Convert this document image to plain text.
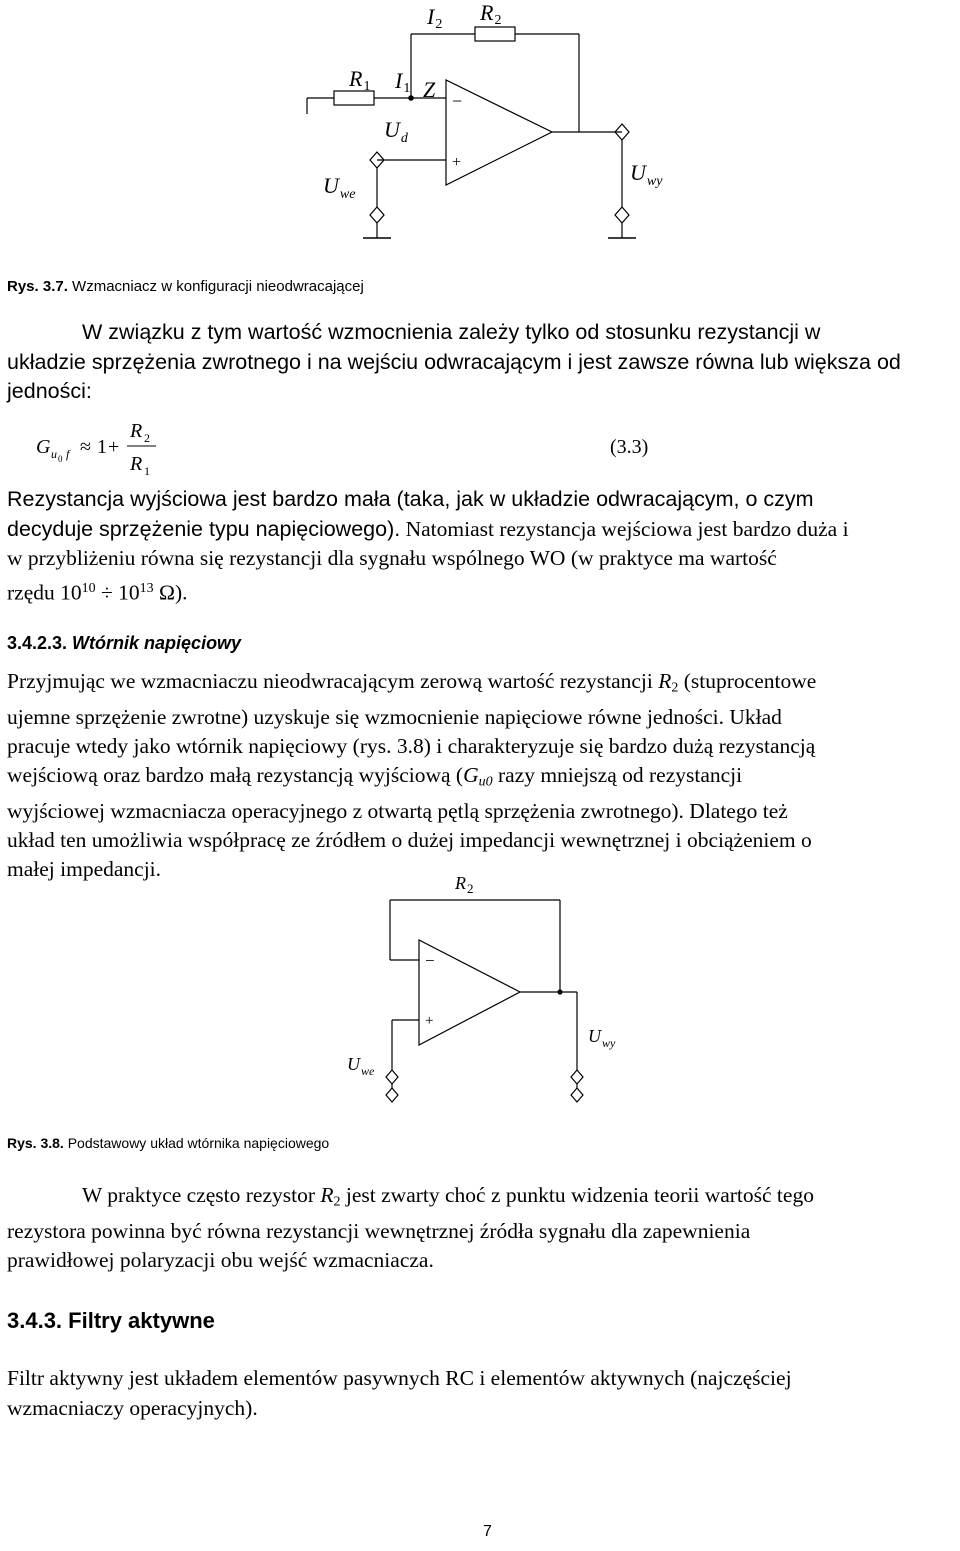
I2 R2
R1 I1 Z
$U_d$
$U_{we}$
$U_{wy}$
−
+
Rys. 3.7. Wzmacniacz w konfiguracji nieodwracającej
W związku z tym wartość wzmocnienia zależy tylko od stosunku rezystancji w
układzie sprzężenia zwrotnego i na wejściu odwracającym i jest zawsze równa lub większa od
jedności:
G u 0 f ≈ 1 +
R 2
R 1
(3.3)
Rezystancja wyjściowa jest bardzo mała (taka, jak w układzie odwracającym, o czym
decyduje sprzężenie typu napięciowego). Natomiast rezystancja wejściowa jest bardzo duża i
w przybliżeniu równa się rezystancji dla sygnału wspólnego WO (w praktyce ma wartość
rzędu $10^{10} \div 10^{13}$ Ω).
3.4.2.3. Wtórnik napięciowy
Przyjmując we wzmacniaczu nieodwracającym zerową wartość rezystancji $R_2$ (stuprocentowe
ujemne sprzężenie zwrotne) uzyskuje się wzmocnienie napięciowe równe jedności. Układ
pracuje wtedy jako wtórnik napięciowy (rys. 3.8) i charakteryzuje się bardzo dużą rezystancją
wejściową oraz bardzo małą rezystancją wyjściową ($G_{u0}$ razy mniejszą od rezystancji
wyjściowej wzmacniacza operacyjnego z otwartą pętlą sprzężenia zwrotnego). Dlatego też
układ ten umożliwia współpracę ze źródłem o dużej impedancji wewnętrznej i obciążeniem o
małej impedancji.
$R_2$
$U_{we}$
$U_{wy}$
−
+
Rys. 3.8. Podstawowy układ wtórnika napięciowego
W praktyce często rezystor $R_2$ jest zwarty choć z punktu widzenia teorii wartość tego
rezystora powinna być równa rezystancji wewnętrznej źródła sygnału dla zapewnienia
prawidłowej polaryzacji obu wejść wzmacniacza.
3.4.3. Filtry aktywne
Filtr aktywny jest układem elementów pasywnych RC i elementów aktywnych (najczęściej
wzmacniaczy operacyjnych).
7
